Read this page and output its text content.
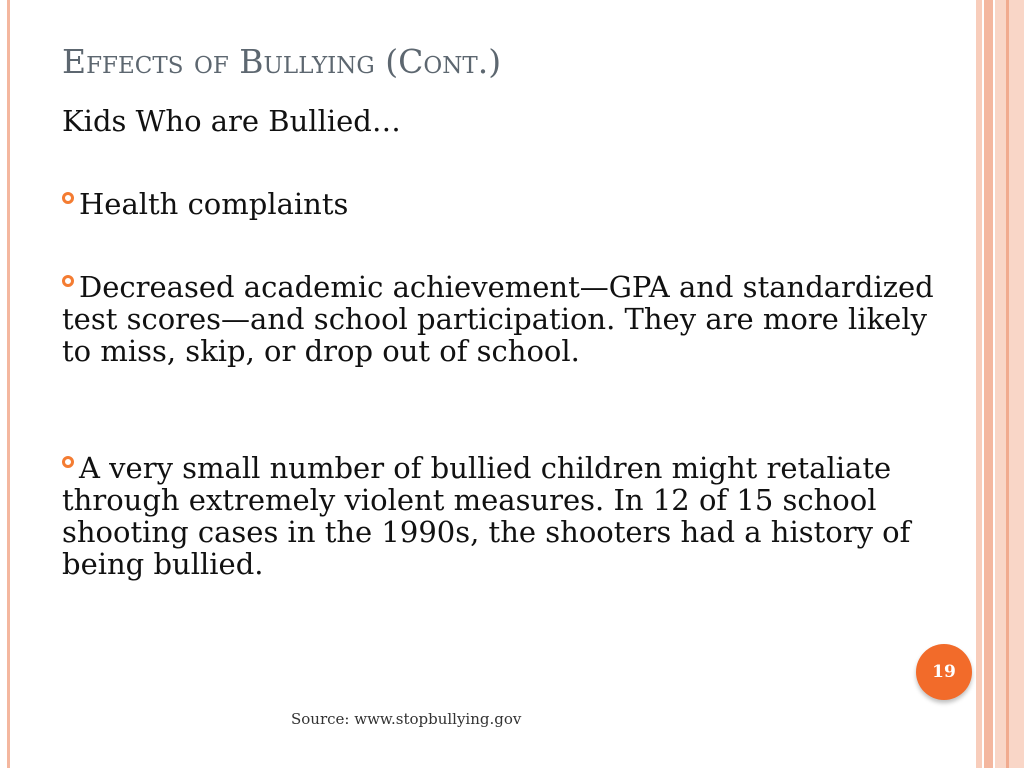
Effects of Bullying (Cont.)
Kids Who are Bullied…
Health complaints
Decreased academic achievement—GPA and standardized test scores—and school participation. They are more likely to miss, skip, or drop out of school.
A very small number of bullied children might retaliate through extremely violent measures. In 12 of 15 school shooting cases in the 1990s, the shooters had a history of being bullied.
19
Source: www.stopbullying.gov
